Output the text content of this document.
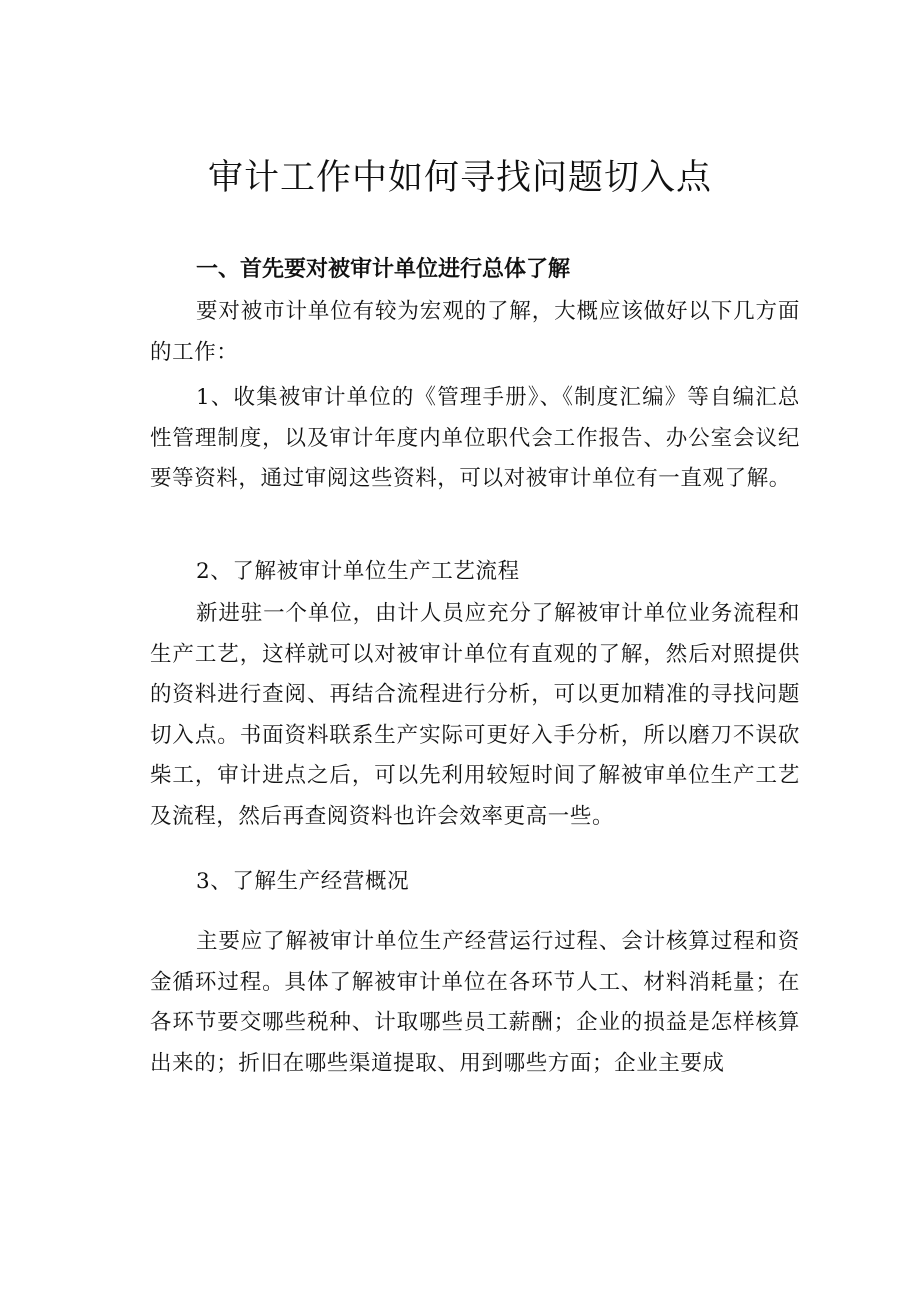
审计工作中如何寻找问题切入点
一、首先要对被审计单位进行总体了解

要对被市计单位有较为宏观的了解，大概应该做好以下几方面的工作：

1、收集被审计单位的《管理手册》、《制度汇编》等自编汇总性管理制度，以及审计年度内单位职代会工作报告、办公室会议纪要等资料，通过审阅这些资料，可以对被审计单位有一直观了解。

2、了解被审计单位生产工艺流程

新进驻一个单位，由计人员应充分了解被审计单位业务流程和生产工艺，这样就可以对被审计单位有直观的了解，然后对照提供的资料进行查阅、再结合流程进行分析，可以更加精准的寻找问题切入点。书面资料联系生产实际可更好入手分析，所以磨刀不误砍柴工，审计进点之后，可以先利用较短时间了解被审单位生产工艺及流程，然后再查阅资料也许会效率更高一些。

3、了解生产经营概况

主要应了解被审计单位生产经营运行过程、会计核算过程和资金循环过程。具体了解被审计单位在各环节人工、材料消耗量；在各环节要交哪些税种、计取哪些员工薪酬；企业的损益是怎样核算出来的；折旧在哪些渠道提取、用到哪些方面；企业主要成
